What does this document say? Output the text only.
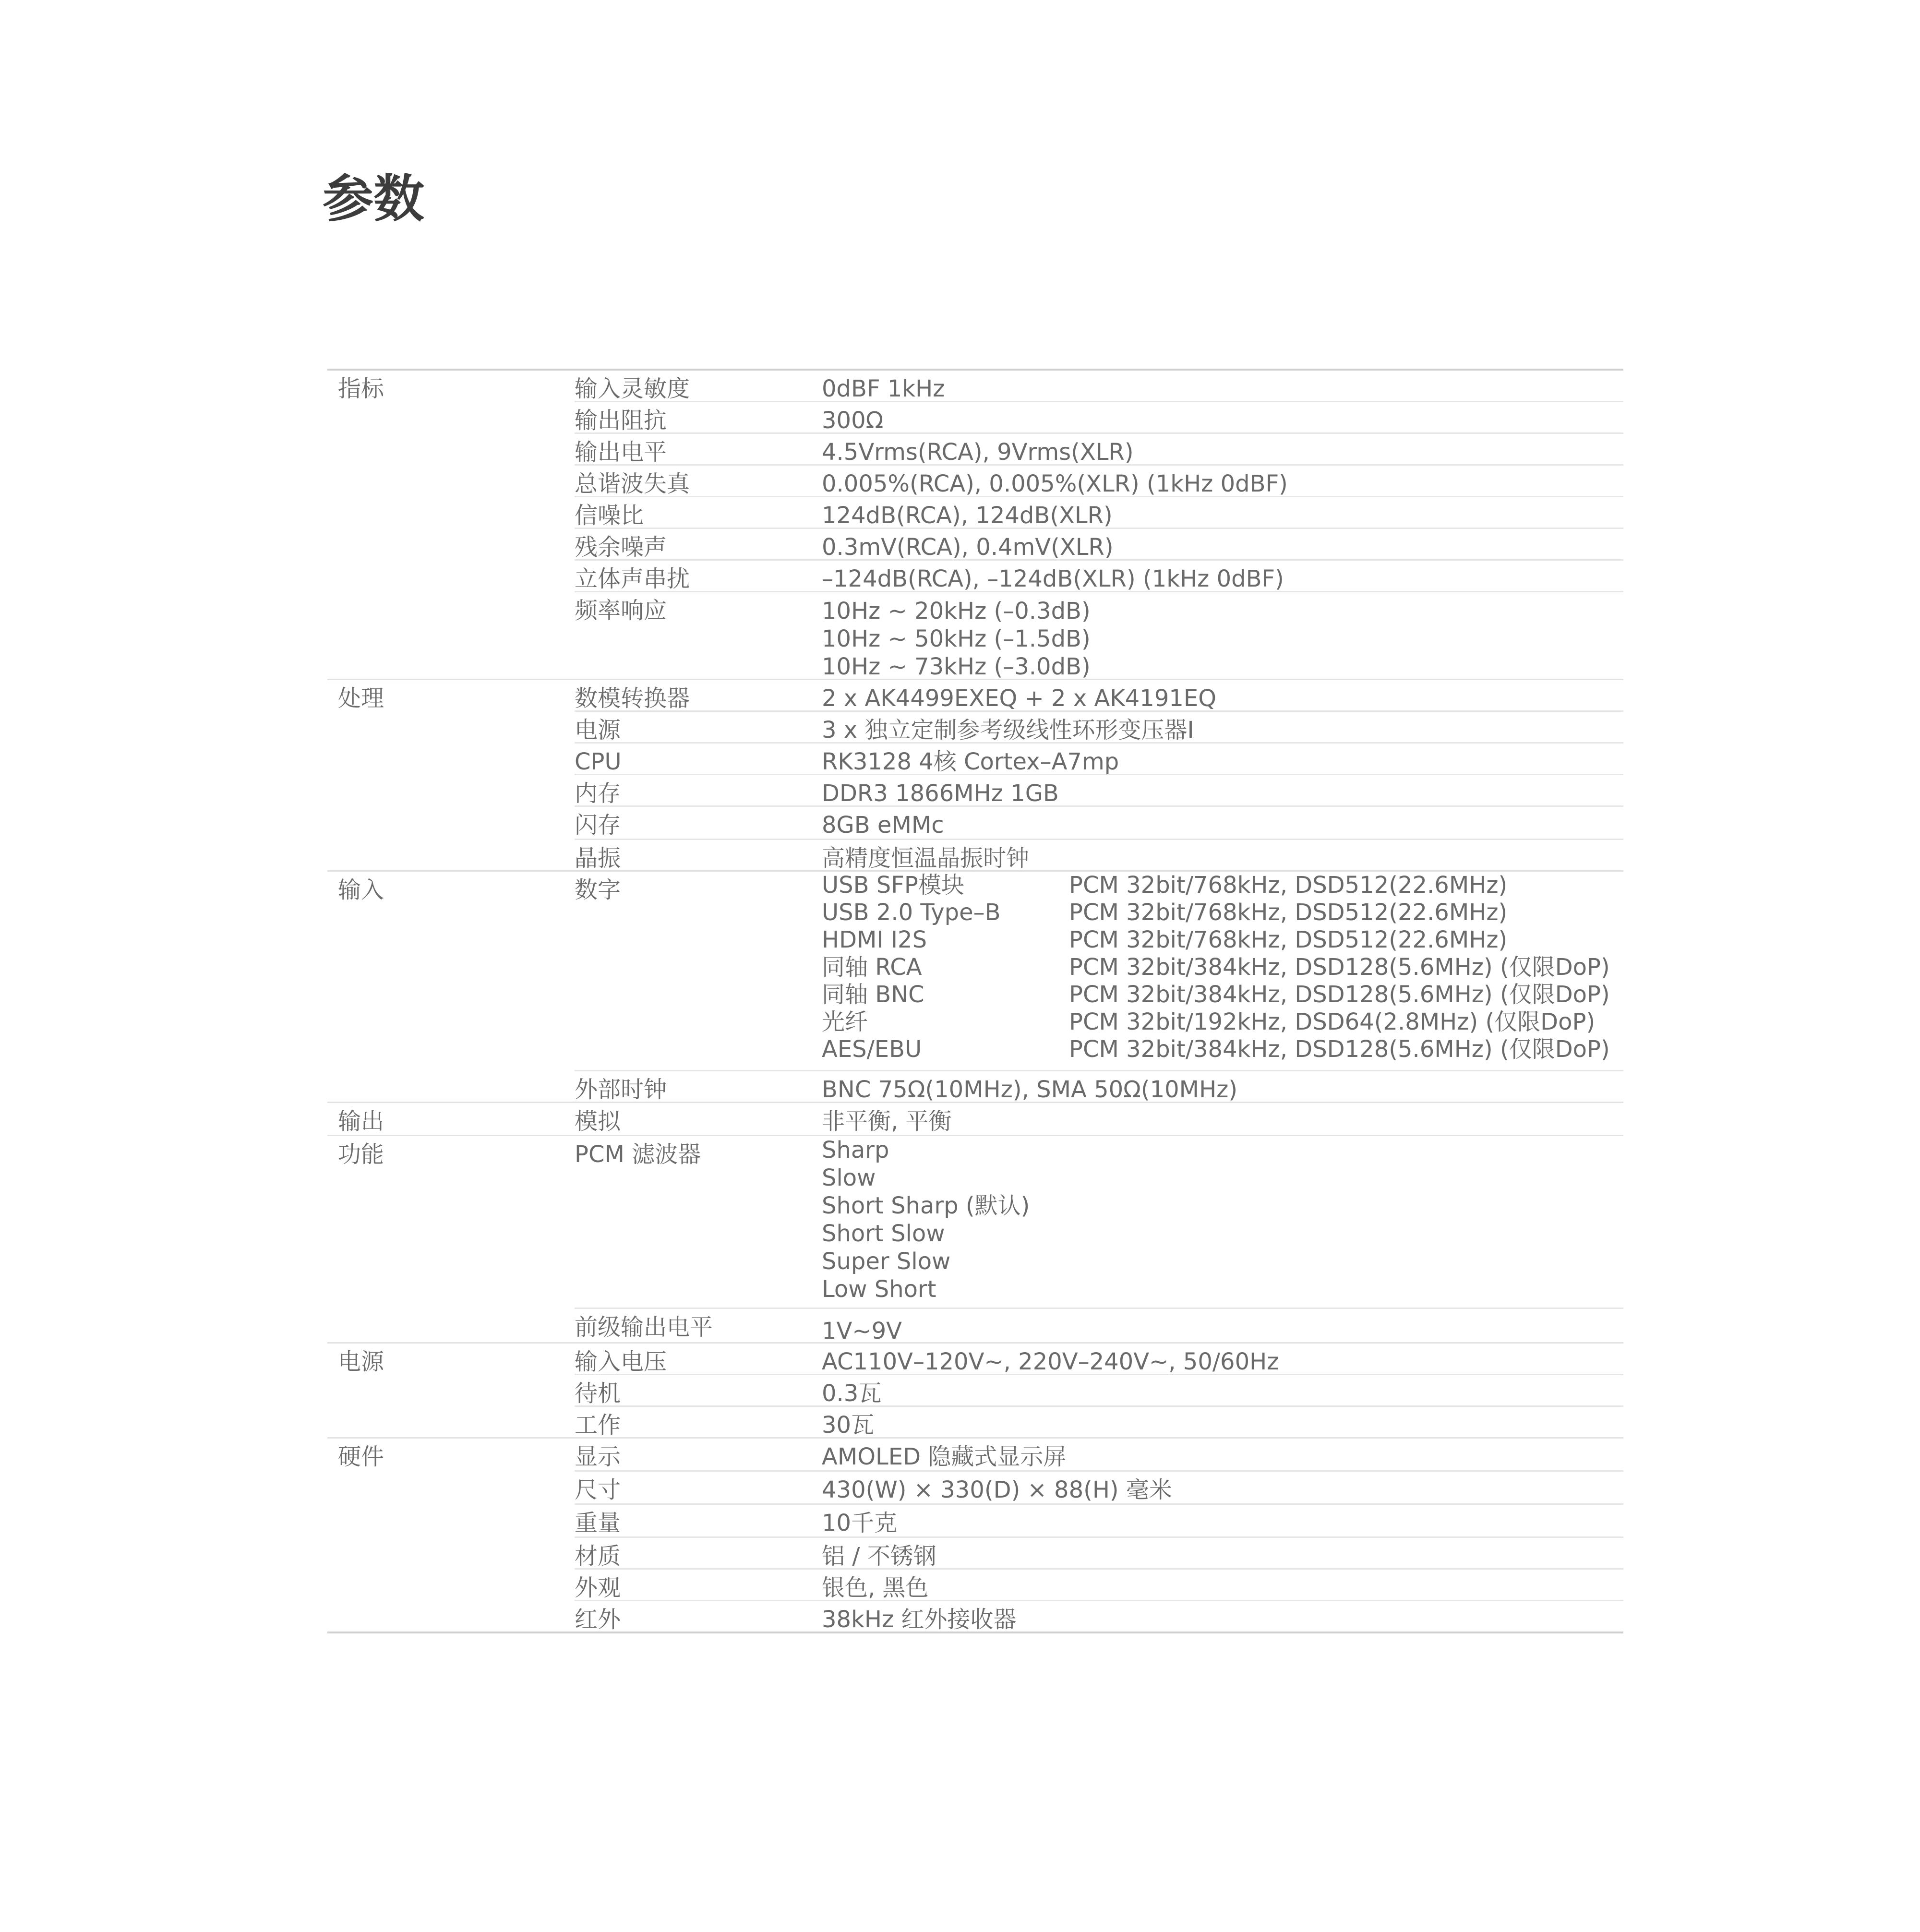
参数
指标	输入灵敏度	0dBF 1kHz
输出阻抗	300Ω
输出电平	4.5Vrms(RCA), 9Vrms(XLR)
总谐波失真	0.005%(RCA), 0.005%(XLR) (1kHz 0dBF)
信噪比	124dB(RCA), 124dB(XLR)
残余噪声	0.3mV(RCA), 0.4mV(XLR)
立体声串扰	–124dB(RCA), –124dB(XLR) (1kHz 0dBF)
频率响应	10Hz ~ 20kHz (–0.3dB)
10Hz ~ 50kHz (–1.5dB)
10Hz ~ 73kHz (–3.0dB)
处理	数模转换器	2 x AK4499EXEQ + 2 x AK4191EQ
电源	3 x 独立定制参考级线性环形变压器I
CPU	RK3128 4核 Cortex–A7mp
内存	DDR3 1866MHz 1GB
闪存	8GB eMMc
晶振	高精度恒温晶振时钟
输入	数字	USB SFP模块	PCM 32bit/768kHz, DSD512(22.6MHz)
USB 2.0 Type–B	PCM 32bit/768kHz, DSD512(22.6MHz)
HDMI I2S	PCM 32bit/768kHz, DSD512(22.6MHz)
同轴 RCA	PCM 32bit/384kHz, DSD128(5.6MHz) (仅限DoP)
同轴 BNC	PCM 32bit/384kHz, DSD128(5.6MHz) (仅限DoP)
光纤	PCM 32bit/192kHz, DSD64(2.8MHz) (仅限DoP)
AES/EBU	PCM 32bit/384kHz, DSD128(5.6MHz) (仅限DoP)
外部时钟	BNC 75Ω(10MHz), SMA 50Ω(10MHz)
输出	模拟	非平衡, 平衡
功能	PCM 滤波器	Sharp
Slow
Short Sharp (默认)
Short Slow
Super Slow
Low Short
前级输出电平	1V~9V
电源	输入电压	AC110V–120V~, 220V–240V~, 50/60Hz
待机	0.3瓦
工作	30瓦
硬件	显示	AMOLED 隐藏式显示屏
尺寸	430(W) × 330(D) × 88(H) 毫米
重量	10千克
材质	铝 / 不锈钢
外观	银色, 黑色
红外	38kHz 红外接收器
